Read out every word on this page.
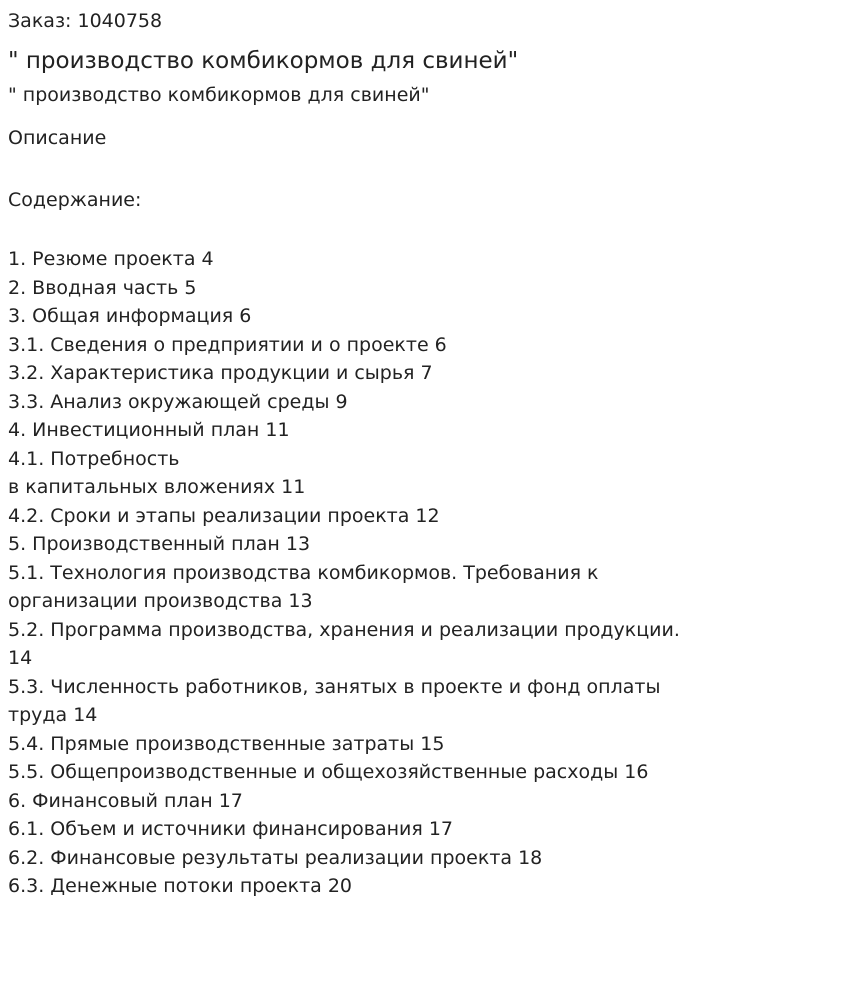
Заказ: 1040758
" производство комбикормов для свиней"
" производство комбикормов для свиней"
Описание
Содержание:
1. Резюме проекта 4
2. Вводная часть 5
3. Общая информация 6
3.1. Сведения о предприятии и о проекте 6
3.2. Характеристика продукции и сырья 7
3.3. Анализ окружающей среды 9
4. Инвестиционный план 11
4.1. Потребность
в капитальных вложениях 11
4.2. Сроки и этапы реализации проекта 12
5. Производственный план 13
5.1. Технология производства комбикормов. Требования к организации производства 13
5.2. Программа производства, хранения и реализации продукции. 14
5.3. Численность работников, занятых в проекте и фонд оплаты труда 14
5.4. Прямые производственные затраты 15
5.5. Общепроизводственные и общехозяйственные расходы 16
6. Финансовый план 17
6.1. Объем и источники финансирования 17
6.2. Финансовые результаты реализации проекта 18
6.3. Денежные потоки проекта 20
